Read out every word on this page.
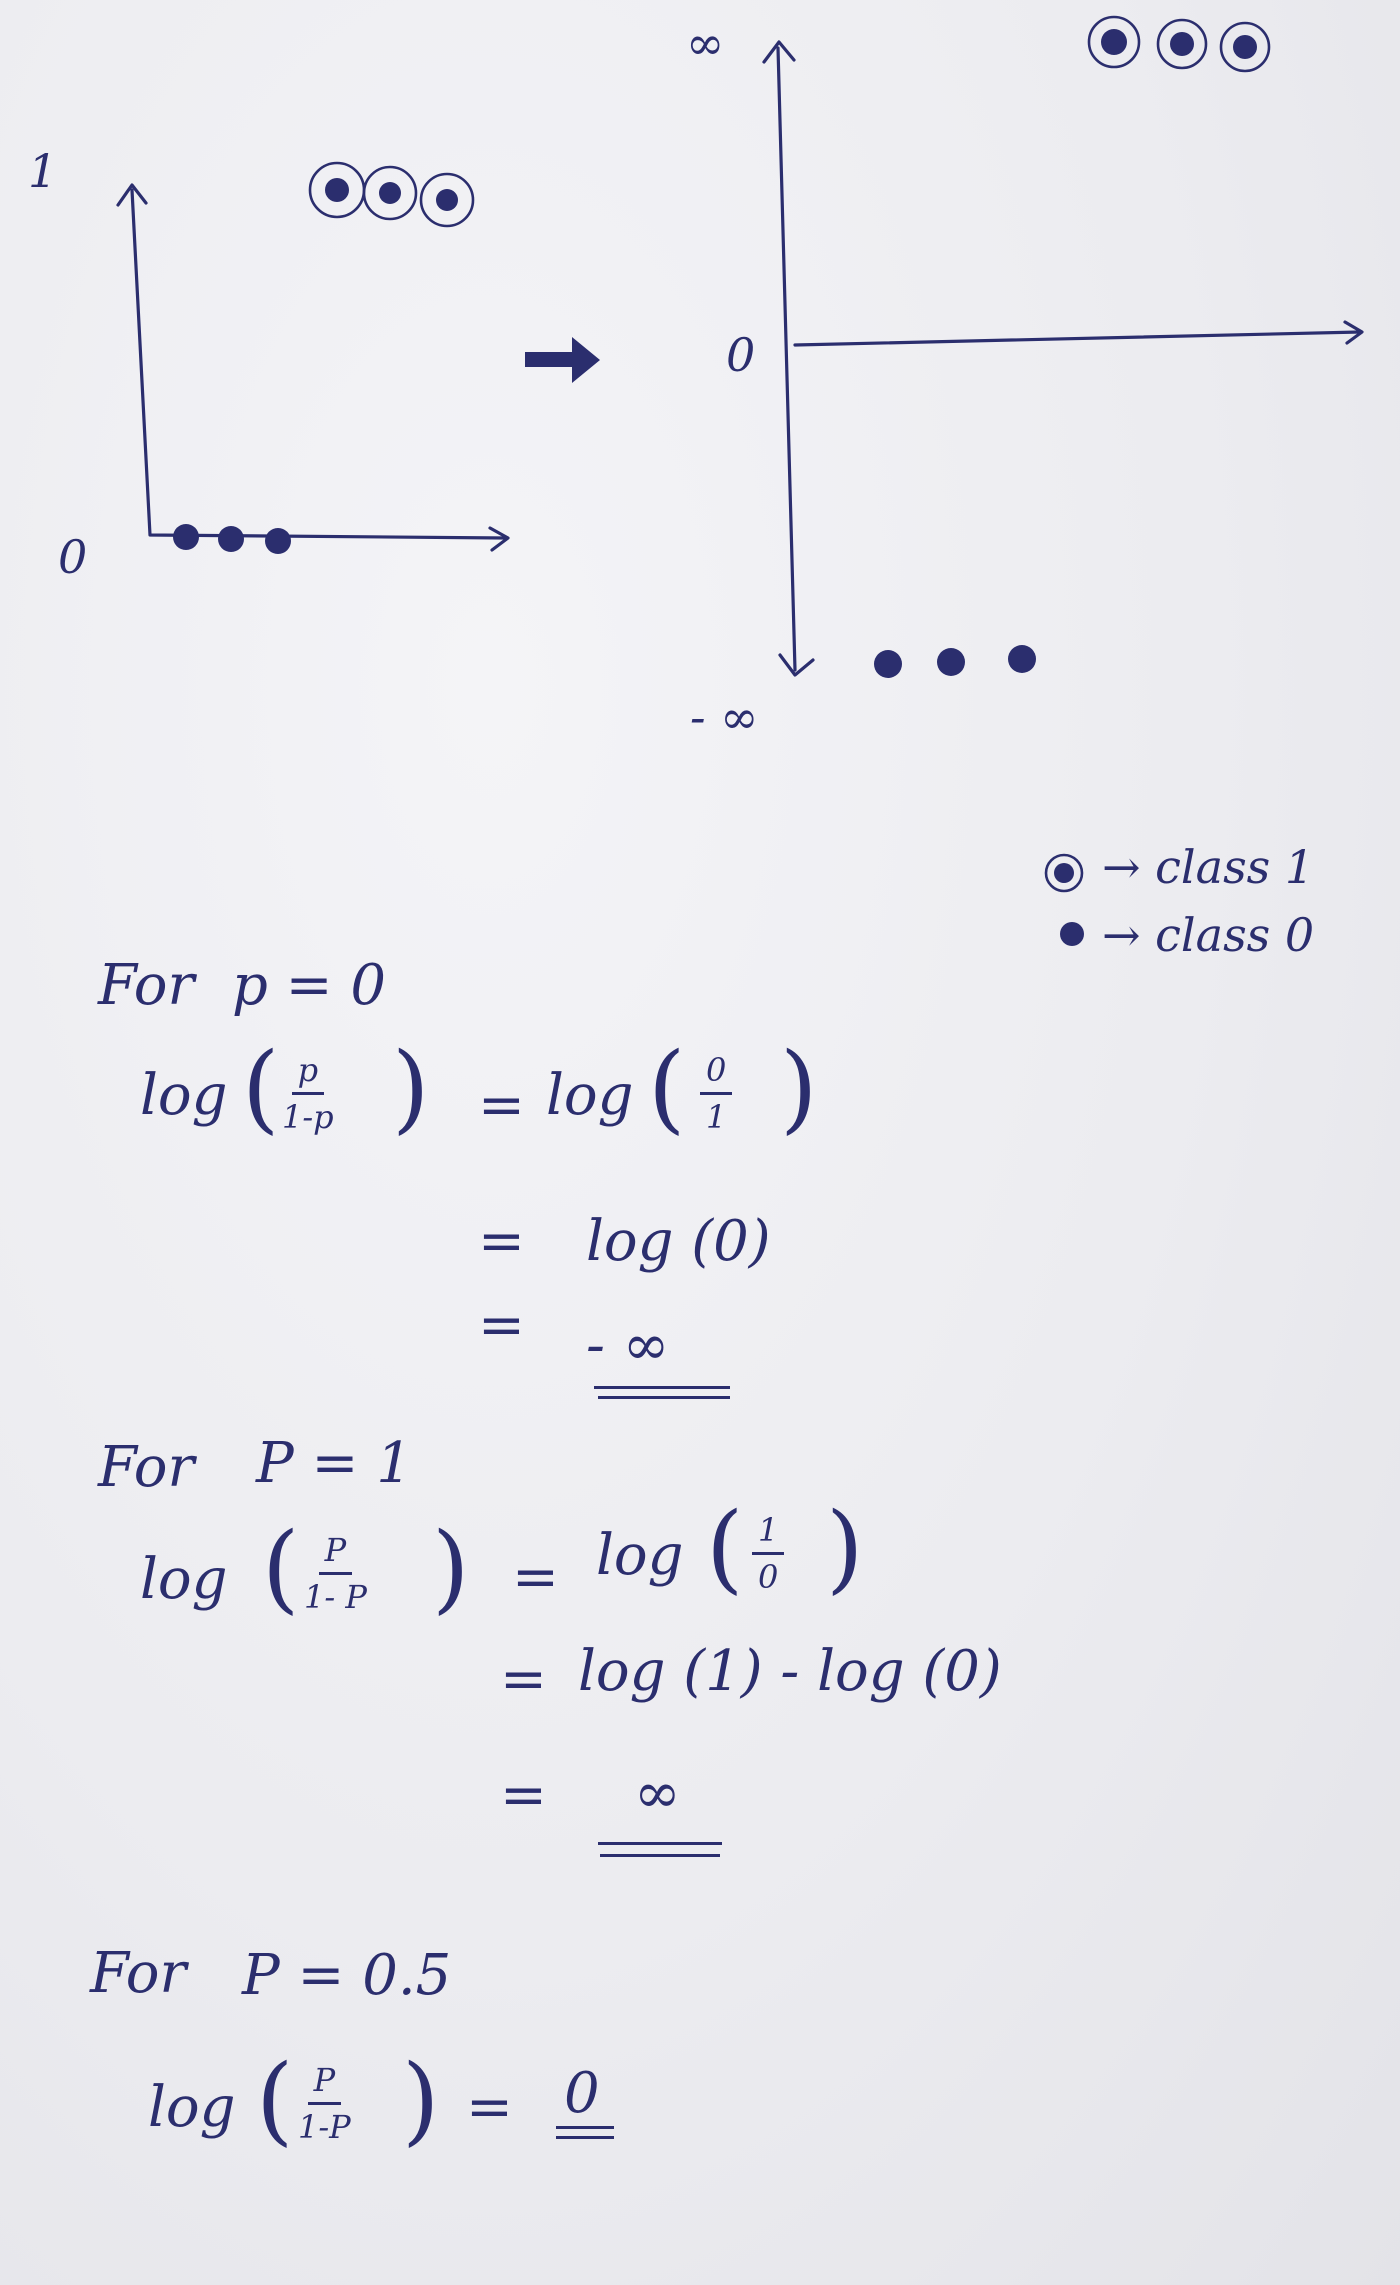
1
0
∞
0
- ∞
→ class 1
→ class 0
For p = 0
log ( $\frac{p}{1-p}$ ) = log ( $\frac{0}{1}$ )
= log (0)
= - ∞
For P = 1
log ( $\frac{P}{1- P}$ ) = log ( $\frac{1}{0}$ )
= log (1) - log (0)
= ∞
For P = 0.5
log ( $\frac{P}{1-P}$ ) = 0
